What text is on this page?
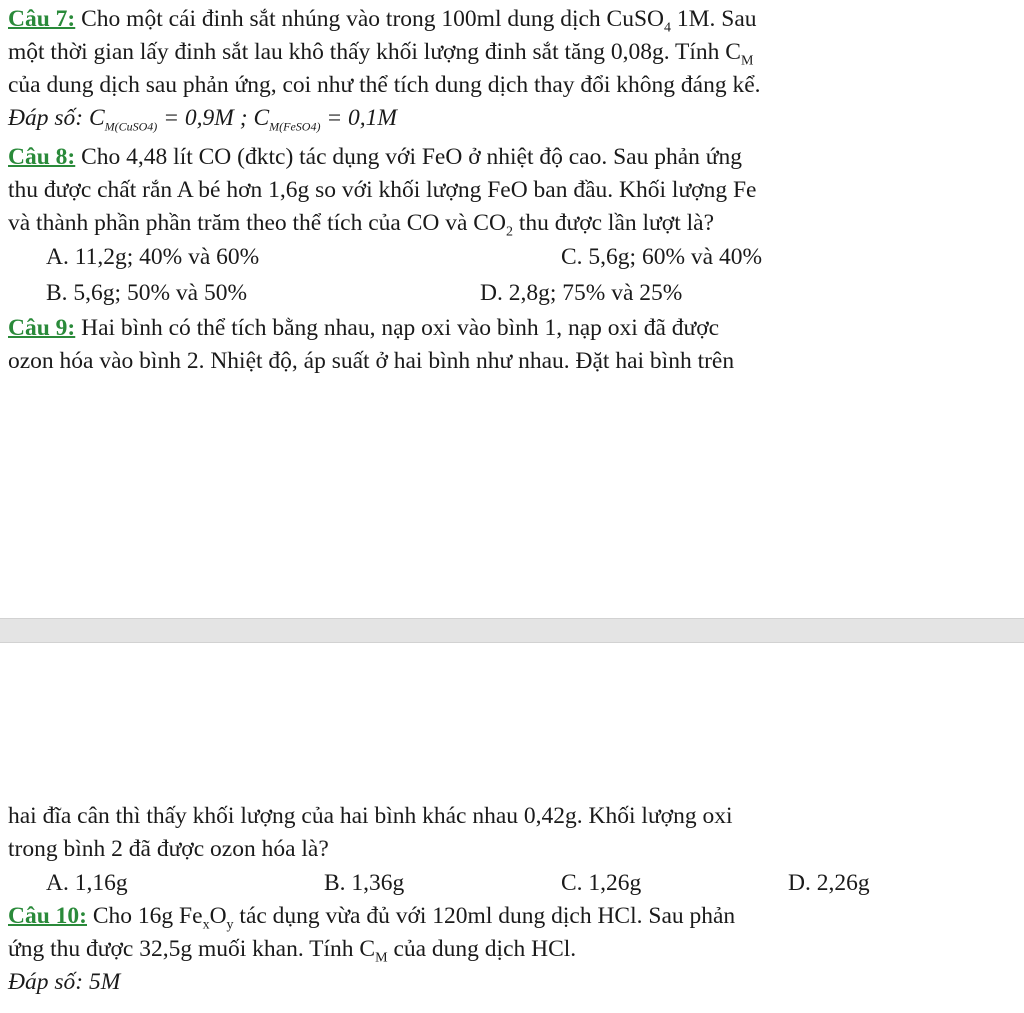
Câu 7: Cho một cái đinh sắt nhúng vào trong 100ml dung dịch CuSO$_4$ 1M. Sau
một thời gian lấy đinh sắt lau khô thấy khối lượng đinh sắt tăng 0,08g. Tính $C_M$
của dung dịch sau phản ứng, coi như thể tích dung dịch thay đổi không đáng kể.
Đáp số: $C_{M(CuSO4)} = 0,9M$ ; $C_{M(FeSO4)} = 0,1M$
Câu 8: Cho 4,48 lít CO (đktc) tác dụng với FeO ở nhiệt độ cao. Sau phản ứng
thu được chất rắn A bé hơn 1,6g so với khối lượng FeO ban đầu. Khối lượng Fe
và thành phần phần trăm theo thể tích của CO và $CO_2$ thu được lần lượt là?
A. 11,2g; 40% và 60%	C. 5,6g; 60% và 40%
B. 5,6g; 50% và 50%	D. 2,8g; 75% và 25%
Câu 9: Hai bình có thể tích bằng nhau, nạp oxi vào bình 1, nạp oxi đã được
ozon hóa vào bình 2. Nhiệt độ, áp suất ở hai bình như nhau. Đặt hai bình trên
hai đĩa cân thì thấy khối lượng của hai bình khác nhau 0,42g. Khối lượng oxi
trong bình 2 đã được ozon hóa là?
A. 1,16g	B. 1,36g	C. 1,26g	D. 2,26g
Câu 10: Cho 16g $Fe_xO_y$ tác dụng vừa đủ với 120ml dung dịch HCl. Sau phản
ứng thu được 32,5g muối khan. Tính $C_M$ của dung dịch HCl.
Đáp số: 5M
